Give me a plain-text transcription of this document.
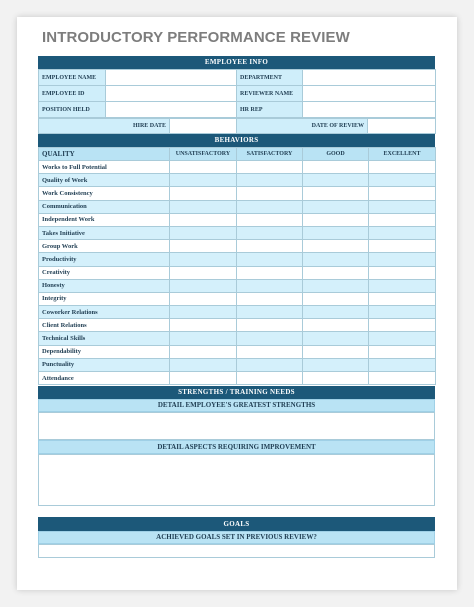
INTRODUCTORY PERFORMANCE REVIEW
EMPLOYEE INFO
EMPLOYEE NAME		DEPARTMENT	
EMPLOYEE ID		REVIEWER NAME	
POSITION HELD		HR REP	
HIRE DATE		DATE OF REVIEW	
BEHAVIORS
QUALITY	UNSATISFACTORY	SATISFACTORY	GOOD	EXCELLENT
Works to Full Potential				
Quality of Work				
Work Consistency				
Communication				
Independent Work				
Takes Initiative				
Group Work				
Productivity				
Creativity				
Honesty				
Integrity				
Coworker Relations				
Client Relations				
Technical Skills				
Dependability				
Punctuality				
Attendance				
STRENGTHS / TRAINING NEEDS
DETAIL EMPLOYEE'S GREATEST STRENGTHS
DETAIL ASPECTS REQUIRING IMPROVEMENT
GOALS
ACHIEVED GOALS SET IN PREVIOUS REVIEW?
